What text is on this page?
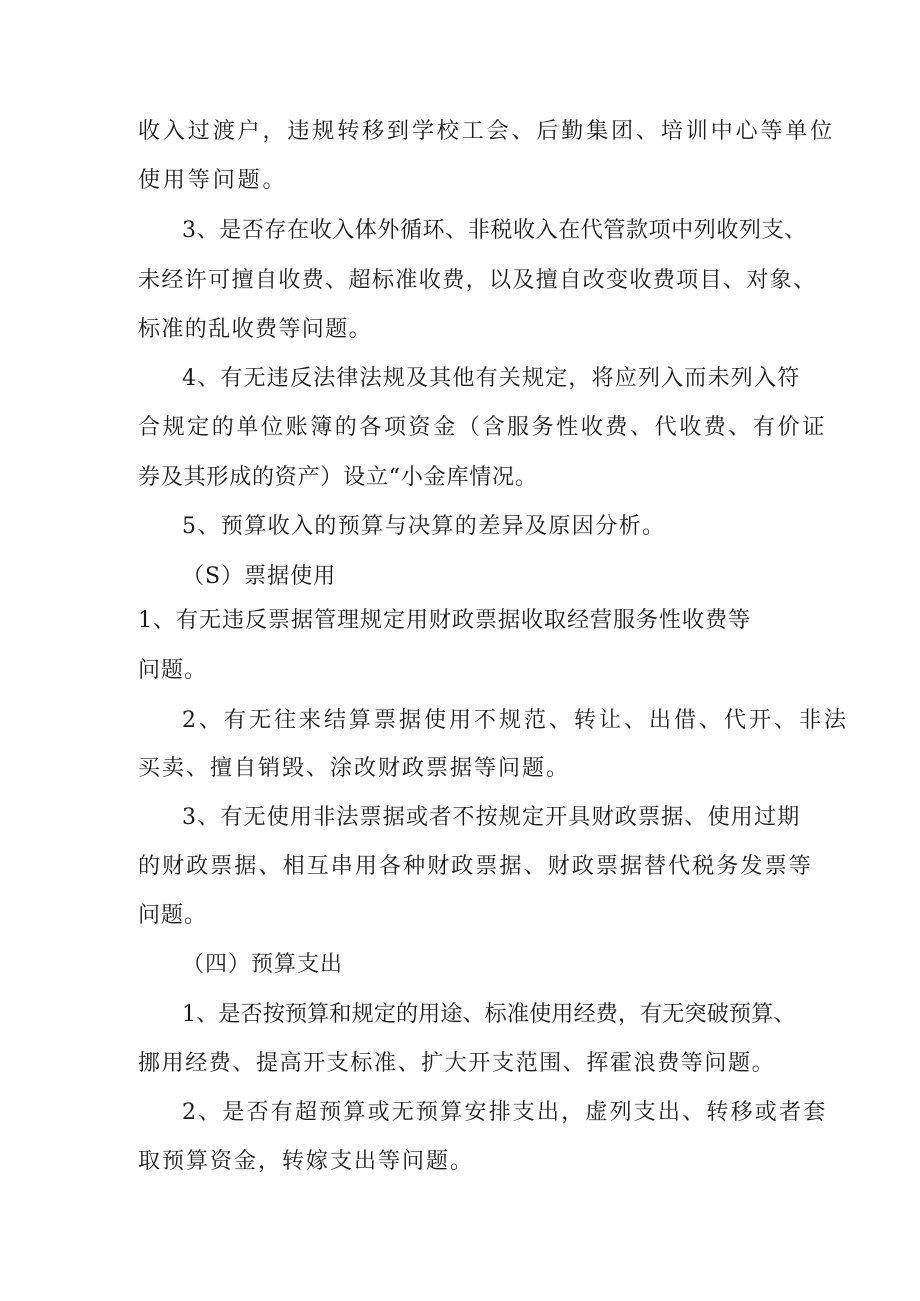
收入过渡户，违规转移到学校工会、后勤集团、培训中心等单位
使用等问题。
3、是否存在收入体外循环、非税收入在代管款项中列收列支、
未经许可擅自收费、超标准收费，以及擅自改变收费项目、对象、
标准的乱收费等问题。
4、有无违反法律法规及其他有关规定，将应列入而未列入符
合规定的单位账簿的各项资金（含服务性收费、代收费、有价证
券及其形成的资产）设立“小金库情况。
5、预算收入的预算与决算的差异及原因分析。
（S）票据使用
1、有无违反票据管理规定用财政票据收取经营服务性收费等
问题。
2、有无往来结算票据使用不规范、转让、出借、代开、非法
买卖、擅自销毁、涂改财政票据等问题。
3、有无使用非法票据或者不按规定开具财政票据、使用过期
的财政票据、相互串用各种财政票据、财政票据替代税务发票等
问题。
（四）预算支出
1、是否按预算和规定的用途、标准使用经费，有无突破预算、
挪用经费、提高开支标准、扩大开支范围、挥霍浪费等问题。
2、是否有超预算或无预算安排支出，虚列支出、转移或者套
取预算资金，转嫁支出等问题。
